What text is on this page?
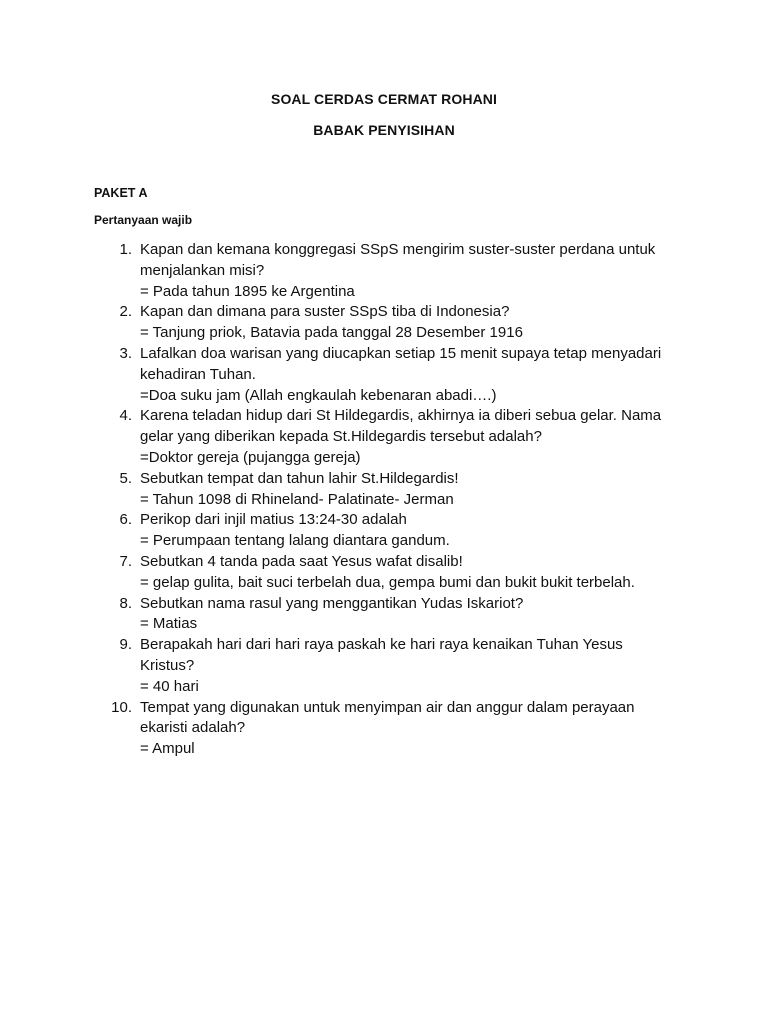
SOAL CERDAS CERMAT ROHANI
BABAK PENYISIHAN
PAKET A
Pertanyaan wajib
1. Kapan dan kemana konggregasi SSpS mengirim suster-suster perdana untuk menjalankan misi?
= Pada tahun 1895 ke Argentina
2. Kapan dan dimana para suster SSpS tiba di Indonesia?
= Tanjung priok, Batavia pada tanggal 28 Desember 1916
3. Lafalkan doa warisan yang diucapkan setiap 15 menit supaya tetap menyadari kehadiran Tuhan.
=Doa suku jam (Allah engkaulah kebenaran abadi….)
4. Karena teladan hidup dari St Hildegardis, akhirnya ia diberi sebua gelar. Nama gelar yang diberikan kepada St.Hildegardis tersebut adalah?
=Doktor gereja (pujangga gereja)
5. Sebutkan tempat dan tahun lahir St.Hildegardis!
= Tahun 1098 di Rhineland- Palatinate- Jerman
6. Perikop dari injil matius 13:24-30 adalah
= Perumpaan tentang lalang diantara gandum.
7. Sebutkan 4 tanda pada saat Yesus wafat disalib!
= gelap gulita, bait suci terbelah dua, gempa bumi dan bukit bukit terbelah.
8. Sebutkan nama rasul yang menggantikan Yudas Iskariot?
= Matias
9. Berapakah hari dari hari raya paskah ke hari raya kenaikan Tuhan Yesus Kristus?
= 40 hari
10. Tempat yang digunakan untuk menyimpan air dan anggur dalam perayaan ekaristi adalah?
= Ampul
